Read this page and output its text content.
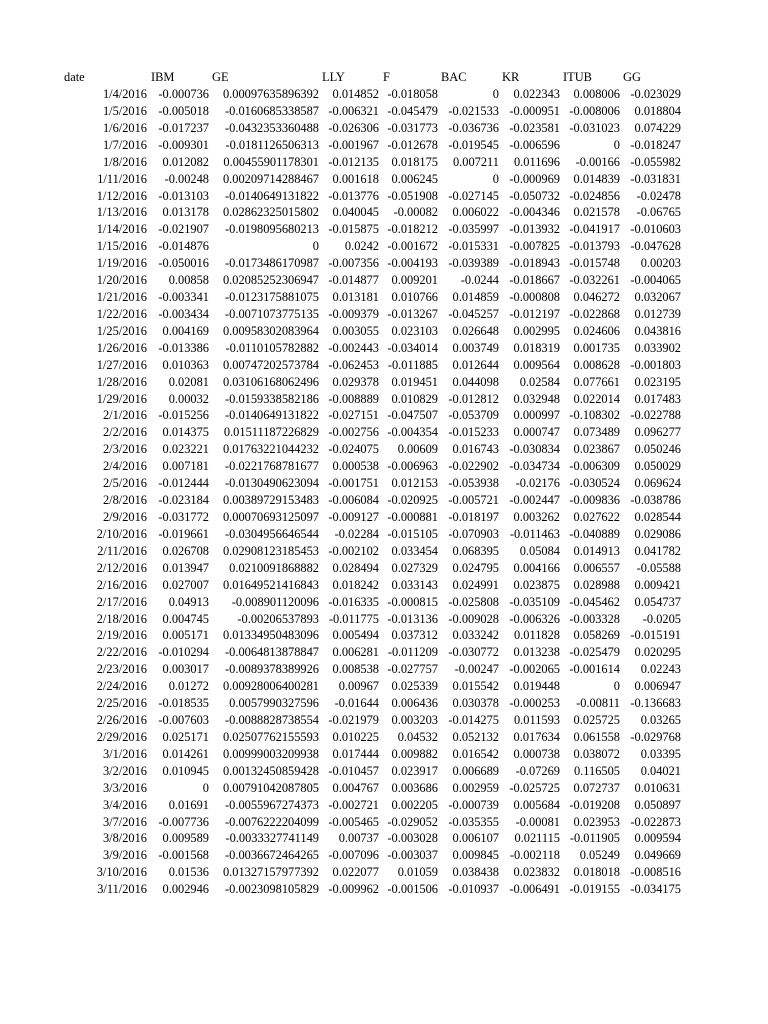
date	IBM	GE	LLY	F	BAC	KR	ITUB	GG
1/4/2016 -0.000736 0.00097635896392 0.014852 -0.018058	0 0.022343 0.008006 -0.023029
1/5/2016 -0.005018 -0.0160685338587 -0.006321 -0.045479 -0.021533 -0.000951 -0.008006 0.018804
1/6/2016 -0.017237 -0.0432353360488 -0.026306 -0.031773 -0.036736 -0.023581 -0.031023 0.074229
1/7/2016 -0.009301 -0.0181126506313 -0.001967 -0.012678 -0.019545 -0.006596	0 -0.018247
1/8/2016 0.012082 0.00455901178301 -0.012135 0.018175 0.007211 0.011696 -0.00166 -0.055982
1/11/2016 -0.00248 0.00209714288467 0.001618 0.006245	0 -0.000969 0.014839 -0.031831
1/12/2016 -0.013103 -0.0140649131822 -0.013776 -0.051908 -0.027145 -0.050732 -0.024856 -0.02478
1/13/2016 0.013178 0.02862325015802 0.040045 -0.00082 0.006022 -0.004346 0.021578 -0.06765
1/14/2016 -0.021907 -0.0198095680213 -0.015875 -0.018212 -0.035997 -0.013932 -0.041917 -0.010603
1/15/2016 -0.014876	0 0.0242 -0.001672 -0.015331 -0.007825 -0.013793 -0.047628
1/19/2016 -0.050016 -0.0173486170987 -0.007356 -0.004193 -0.039389 -0.018943 -0.015748 0.00203
1/20/2016 0.00858 0.02085252306947 -0.014877 0.009201 -0.0244 -0.018667 -0.032261 -0.004065
1/21/2016 -0.003341 -0.0123175881075 0.013181 0.010766 0.014859 -0.000808 0.046272 0.032067
1/22/2016 -0.003434 -0.0071073775135 -0.009379 -0.013267 -0.045257 -0.012197 -0.022868 0.012739
1/25/2016 0.004169 0.00958302083964 0.003055 0.023103 0.026648 0.002995 0.024606 0.043816
1/26/2016 -0.013386 -0.0110105782882 -0.002443 -0.034014 0.003749 0.018319 0.001735 0.033902
1/27/2016 0.010363 0.00747202573784 -0.062453 -0.011885 0.012644 0.009564 0.008628 -0.001803
1/28/2016 0.02081 0.03106168062496 0.029378 0.019451 0.044098 0.02584 0.077661 0.023195
1/29/2016 0.00032 -0.0159338582186 -0.008889 0.010829 -0.012812 0.032948 0.022014 0.017483
2/1/2016 -0.015256 -0.0140649131822 -0.027151 -0.047507 -0.053709 0.000997 -0.108302 -0.022788
2/2/2016 0.014375 0.01511187226829 -0.002756 -0.004354 -0.015233 0.000747 0.073489 0.096277
2/3/2016 0.023221 0.01763221044232 -0.024075 0.00609 0.016743 -0.030834 0.023867 0.050246
2/4/2016 0.007181 -0.0221768781677 0.000538 -0.006963 -0.022902 -0.034734 -0.006309 0.050029
2/5/2016 -0.012444 -0.0130490623094 -0.001751 0.012153 -0.053938 -0.02176 -0.030524 0.069624
2/8/2016 -0.023184 0.00389729153483 -0.006084 -0.020925 -0.005721 -0.002447 -0.009836 -0.038786
2/9/2016 -0.031772 0.00070693125097 -0.009127 -0.000881 -0.018197 0.003262 0.027622 0.028544
2/10/2016 -0.019661 -0.0304956646544 -0.02284 -0.015105 -0.070903 -0.011463 -0.040889 0.029086
2/11/2016 0.026708 0.02908123185453 -0.002102 0.033454 0.068395 0.05084 0.014913 0.041782
2/12/2016 0.013947 0.0210091868882 0.028494 0.027329 0.024795 0.004166 0.006557 -0.05588
2/16/2016 0.027007 0.01649521416843 0.018242 0.033143 0.024991 0.023875 0.028988 0.009421
2/17/2016 0.04913 -0.008901120096 -0.016335 -0.000815 -0.025808 -0.035109 -0.045462 0.054737
2/18/2016 0.004745 -0.00206537893 -0.011775 -0.013136 -0.009028 -0.006326 -0.003328 -0.0205
2/19/2016 0.005171 0.01334950483096 0.005494 0.037312 0.033242 0.011828 0.058269 -0.015191
2/22/2016 -0.010294 -0.0064813878847 0.006281 -0.011209 -0.030772 0.013238 -0.025479 0.020295
2/23/2016 0.003017 -0.0089378389926 0.008538 -0.027757 -0.00247 -0.002065 -0.001614 0.02243
2/24/2016 0.01272 0.00928006400281 0.00967 0.025339 0.015542 0.019448	0 0.006947
2/25/2016 -0.018535 0.0057990327596 -0.01644 0.006436 0.030378 -0.000253 -0.00811 -0.136683
2/26/2016 -0.007603 -0.0088828738554 -0.021979 0.003203 -0.014275 0.011593 0.025725 0.03265
2/29/2016 0.025171 0.02507762155593 0.010225 0.04532 0.052132 0.017634 0.061558 -0.029768
3/1/2016 0.014261 0.00999003209938 0.017444 0.009882 0.016542 0.000738 0.038072 0.03395
3/2/2016 0.010945 0.00132450859428 -0.010457 0.023917 0.006689 -0.07269 0.116505 0.04021
3/3/2016	0 0.00791042087805 0.004767 0.003686 0.002959 -0.025725 0.072737 0.010631
3/4/2016 0.01691 -0.0055967274373 -0.002721 0.002205 -0.000739 0.005684 -0.019208 0.050897
3/7/2016 -0.007736 -0.0076222204099 -0.005465 -0.029052 -0.035355 -0.00081 0.023953 -0.022873
3/8/2016 0.009589 -0.0033327741149 0.00737 -0.003028 0.006107 0.021115 -0.011905 0.009594
3/9/2016 -0.001568 -0.0036672464265 -0.007096 -0.003037 0.009845 -0.002118 0.05249 0.049669
3/10/2016 0.01536 0.01327157977392 0.022077 0.01059 0.038438 0.023832 0.018018 -0.008516
3/11/2016 0.002946 -0.0023098105829 -0.009962 -0.001506 -0.010937 -0.006491 -0.019155 -0.034175
